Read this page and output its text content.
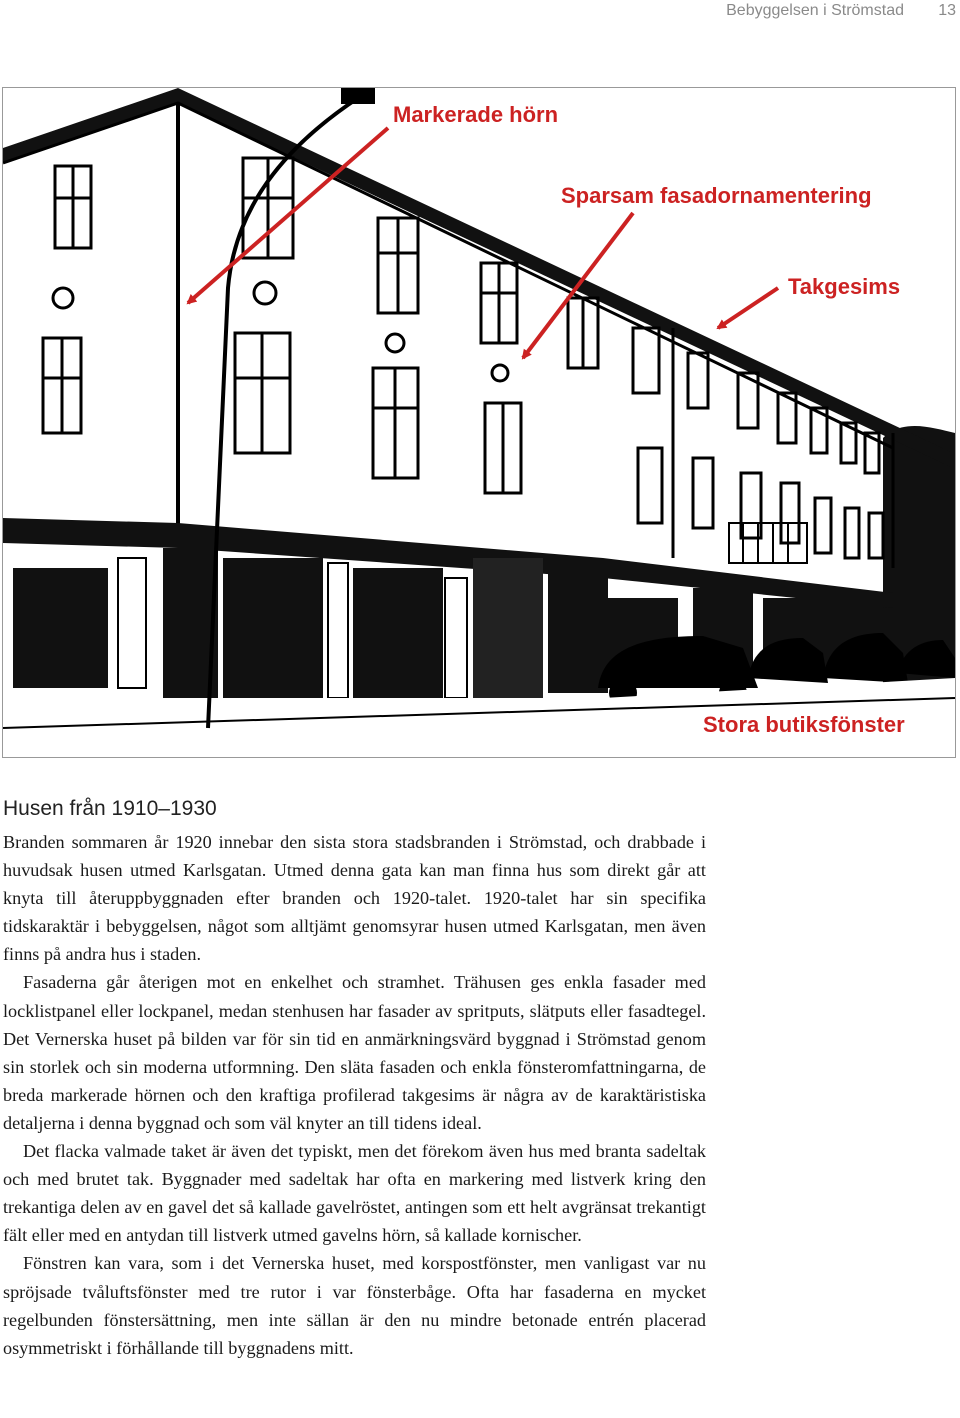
Bebyggelsen i Strömstad 13
Markerade hörn
Sparsam fasadornamentering
Takgesims
Stora butiksfönster
Husen från 1910–1930

Branden sommaren år 1920 innebar den sista stora stadsbranden i Strömstad, och drabbade i huvudsak husen utmed Karlsgatan. Utmed denna gata kan man finna hus som direkt går att knyta till återuppbyggnaden efter branden och 1920-talet. 1920-talet har sin specifika tidskaraktär i bebyggelsen, något som alltjämt genomsyrar husen utmed Karlsgatan, men även finns på andra hus i staden.

Fasaderna går återigen mot en enkelhet och stramhet. Trähusen ges enkla fasader med locklistpanel eller lockpanel, medan stenhusen har fasader av spritputs, slätputs eller fasadtegel. Det Vernerska huset på bilden var för sin tid en anmärkningsvärd byggnad i Strömstad genom sin storlek och sin moderna utformning. Den släta fasaden och enkla fönsteromfattningarna, de breda markerade hörnen och den kraftiga profilerad takgesims är några av de karaktäristiska detaljerna i denna byggnad och som väl knyter an till tidens ideal.

Det flacka valmade taket är även det typiskt, men det förekom även hus med branta sadeltak och med brutet tak. Byggnader med sadeltak har ofta en markering med listverk kring den trekantiga delen av en gavel det så kallade gavelröstet, antingen som ett helt avgränsat trekantigt fält eller med en antydan till listverk utmed gavelns hörn, så kallade kornischer.

Fönstren kan vara, som i det Vernerska huset, med korspostfönster, men vanligast var nu spröjsade tvåluftsfönster med tre rutor i var fönsterbåge. Ofta har fasaderna en mycket regelbunden fönstersättning, men inte sällan är den nu mindre betonade entrén placerad osymmetriskt i förhållande till byggnadens mitt.
